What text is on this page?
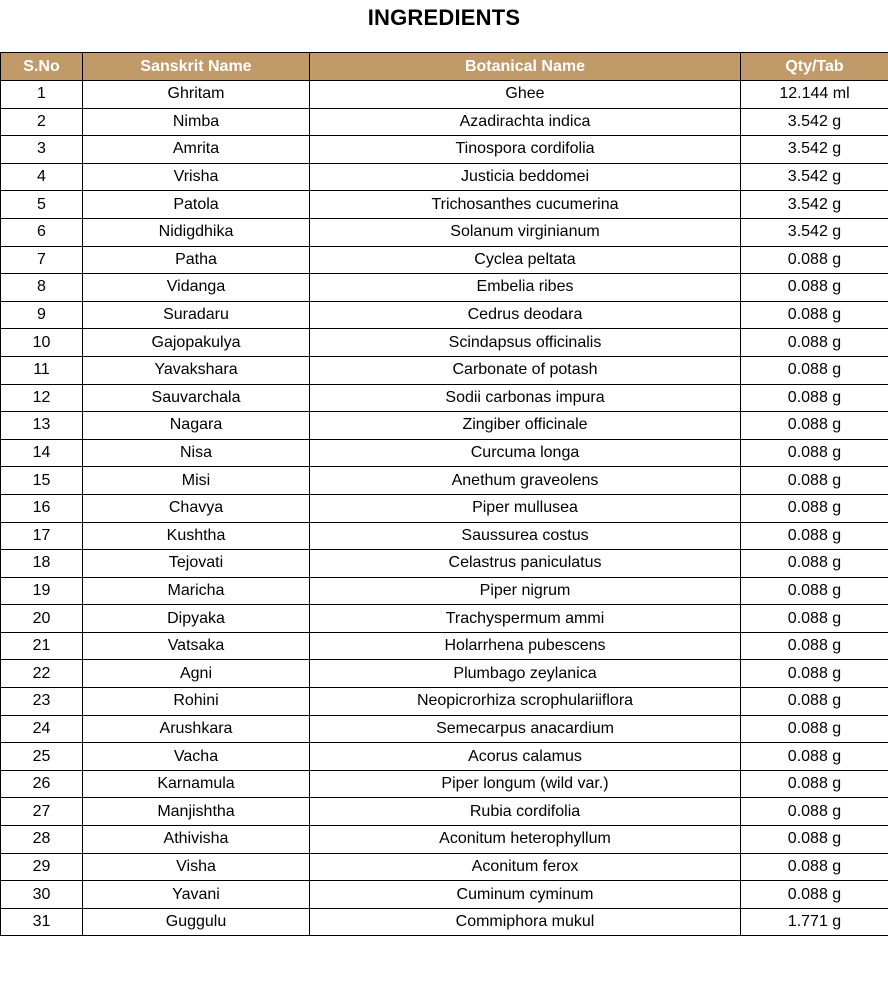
INGREDIENTS
S.No	Sanskrit Name	Botanical Name	Qty/Tab
1	Ghritam	Ghee	12.144 ml
2	Nimba	Azadirachta indica	3.542 g
3	Amrita	Tinospora cordifolia	3.542 g
4	Vrisha	Justicia beddomei	3.542 g
5	Patola	Trichosanthes cucumerina	3.542 g
6	Nidigdhika	Solanum virginianum	3.542 g
7	Patha	Cyclea peltata	0.088 g
8	Vidanga	Embelia ribes	0.088 g
9	Suradaru	Cedrus deodara	0.088 g
10	Gajopakulya	Scindapsus officinalis	0.088 g
11	Yavakshara	Carbonate of potash	0.088 g
12	Sauvarchala	Sodii carbonas impura	0.088 g
13	Nagara	Zingiber officinale	0.088 g
14	Nisa	Curcuma longa	0.088 g
15	Misi	Anethum graveolens	0.088 g
16	Chavya	Piper mullusea	0.088 g
17	Kushtha	Saussurea costus	0.088 g
18	Tejovati	Celastrus paniculatus	0.088 g
19	Maricha	Piper nigrum	0.088 g
20	Dipyaka	Trachyspermum ammi	0.088 g
21	Vatsaka	Holarrhena pubescens	0.088 g
22	Agni	Plumbago zeylanica	0.088 g
23	Rohini	Neopicrorhiza scrophulariiflora	0.088 g
24	Arushkara	Semecarpus anacardium	0.088 g
25	Vacha	Acorus calamus	0.088 g
26	Karnamula	Piper longum (wild var.)	0.088 g
27	Manjishtha	Rubia cordifolia	0.088 g
28	Athivisha	Aconitum heterophyllum	0.088 g
29	Visha	Aconitum ferox	0.088 g
30	Yavani	Cuminum cyminum	0.088 g
31	Guggulu	Commiphora mukul	1.771 g
